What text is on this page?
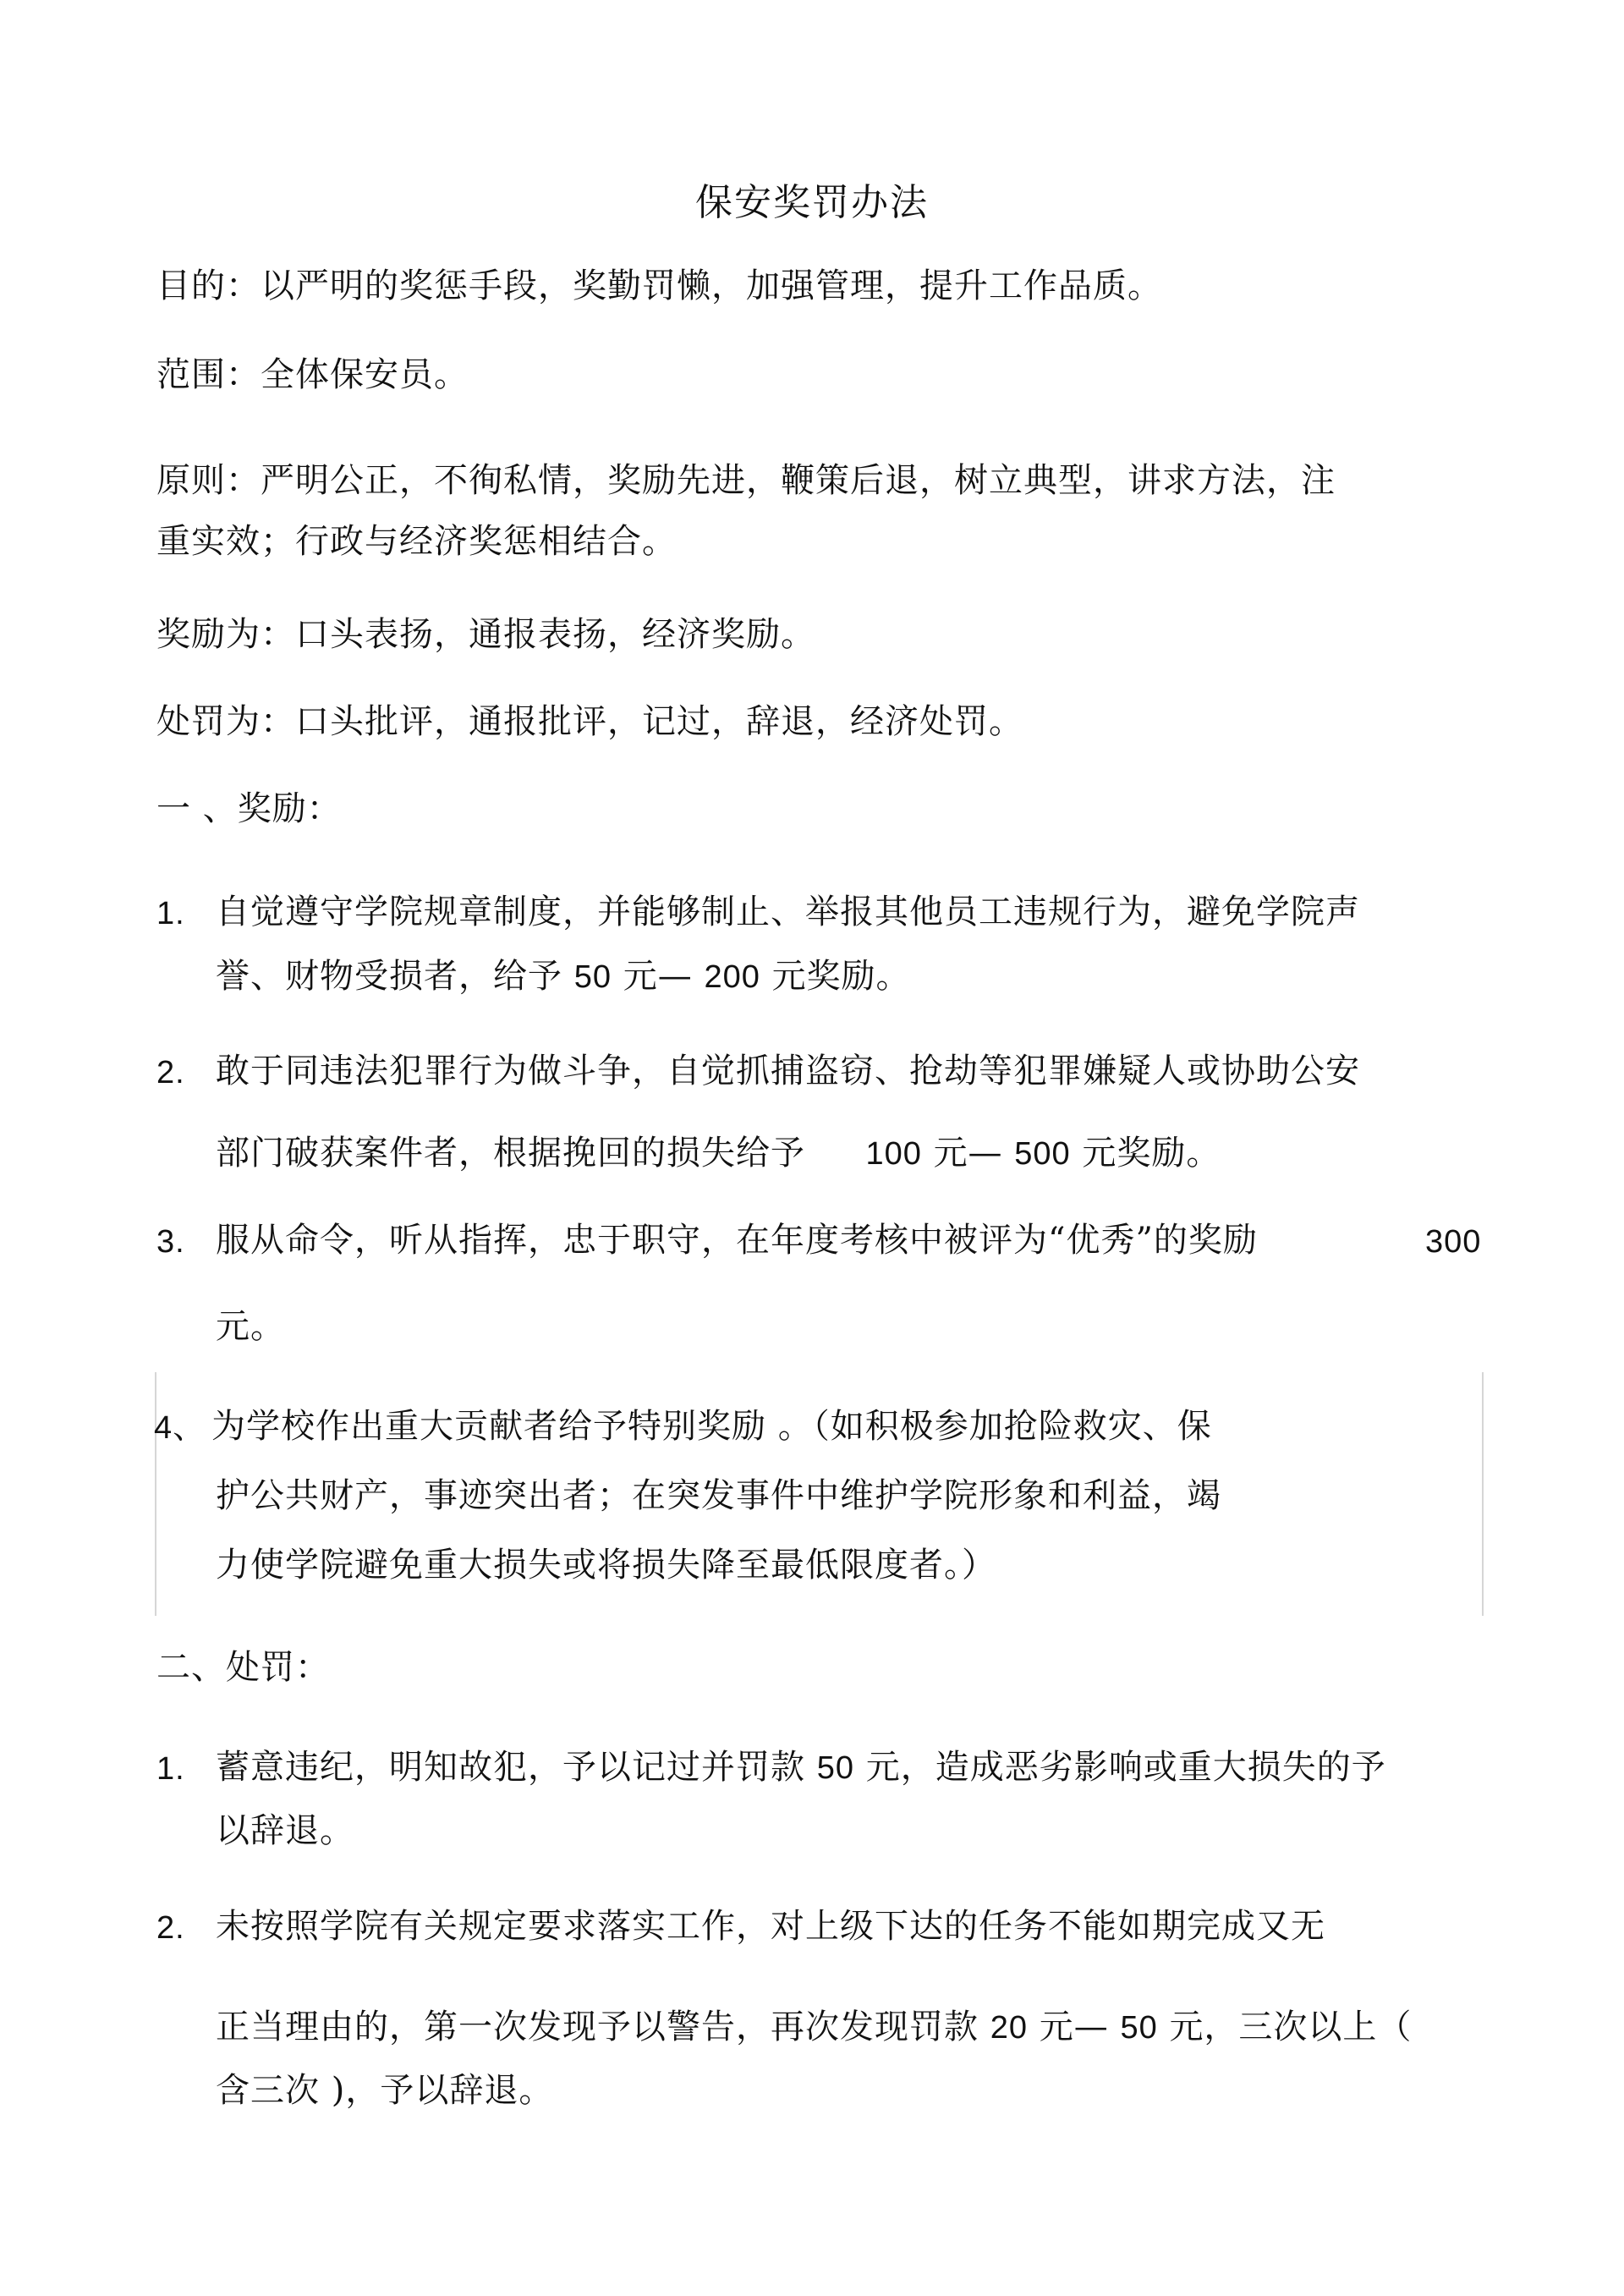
保安奖罚办法
目的：以严明的奖惩手段，奖勤罚懒，加强管理，提升工作品质。
范围：全体保安员。
原则：严明公正，不徇私情，奖励先进，鞭策后退，树立典型，讲求方法，注
重实效；行政与经济奖惩相结合。
奖励为：口头表扬，通报表扬，经济奖励。
处罚为：口头批评，通报批评，记过，辞退，经济处罚。
一 、奖励：
1. 自觉遵守学院规章制度，并能够制止、举报其他员工违规行为，避免学院声
誉、财物受损者，给予 50 元— 200 元奖励。
2. 敢于同违法犯罪行为做斗争，自觉抓捕盗窃、抢劫等犯罪嫌疑人或协助公安
部门破获案件者，根据挽回的损失给予 100 元— 500 元奖励。
3. 服从命令，听从指挥，忠于职守，在年度考核中被评为“优秀”的奖励	300
元。
4、 为学校作出重大贡献者给予特别奖励 。（如积极参加抢险救灾、保
护公共财产，事迹突出者；在突发事件中维护学院形象和利益，竭
力使学院避免重大损失或将损失降至最低限度者。）
二、处罚：
1. 蓄意违纪，明知故犯，予以记过并罚款 50 元，造成恶劣影响或重大损失的予
以辞退。
2. 未按照学院有关规定要求落实工作，对上级下达的任务不能如期完成又无
正当理由的，第一次发现予以警告，再次发现罚款 20 元— 50 元，三次以上（
含三次 )，予以辞退。
